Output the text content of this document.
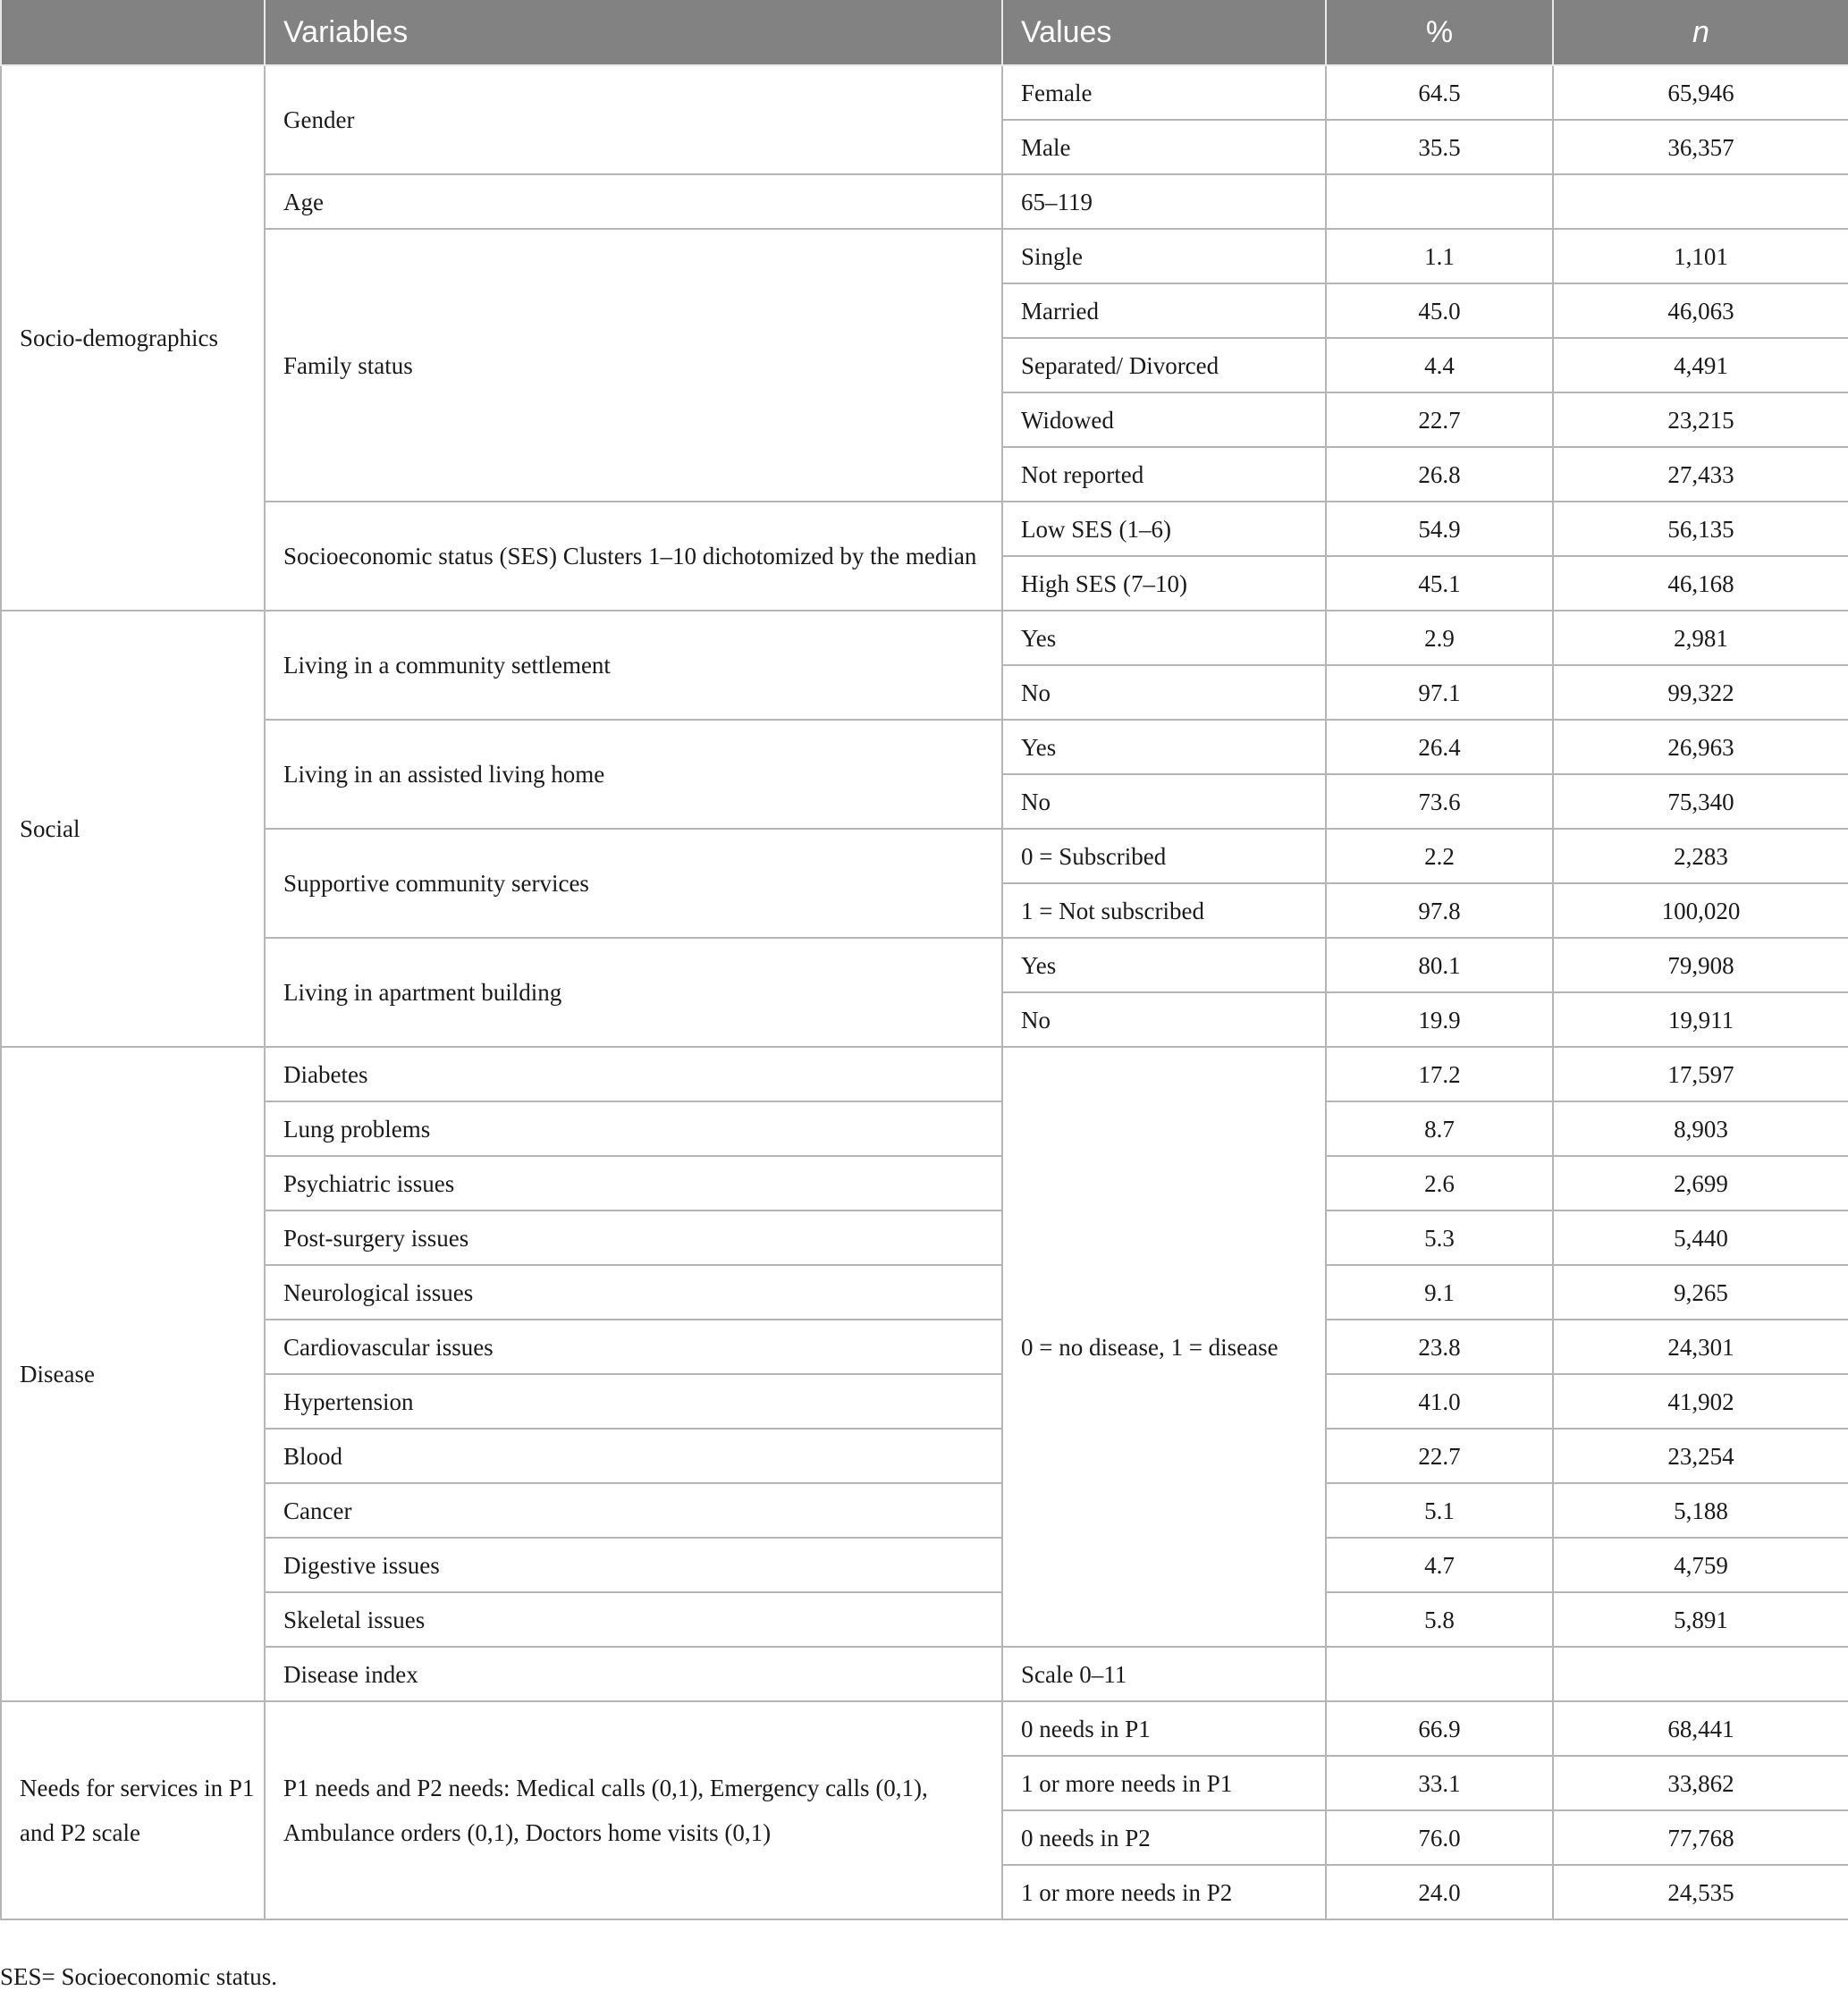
	Variables	Values	%	n
Socio-demographics	Gender	Female	64.5	65,946
		Male	35.5	36,357
	Age	65–119		
	Family status	Single	1.1	1,101
		Married	45.0	46,063
		Separated/ Divorced	4.4	4,491
		Widowed	22.7	23,215
		Not reported	26.8	27,433
	Socioeconomic status (SES) Clusters 1–10 dichotomized by the median	Low SES (1–6)	54.9	56,135
		High SES (7–10)	45.1	46,168
Social	Living in a community settlement	Yes	2.9	2,981
		No	97.1	99,322
	Living in an assisted living home	Yes	26.4	26,963
		No	73.6	75,340
	Supportive community services	0 = Subscribed	2.2	2,283
		1 = Not subscribed	97.8	100,020
	Living in apartment building	Yes	80.1	79,908
		No	19.9	19,911
Disease	Diabetes	0 = no disease, 1 = disease	17.2	17,597
	Lung problems		8.7	8,903
	Psychiatric issues		2.6	2,699
	Post-surgery issues		5.3	5,440
	Neurological issues		9.1	9,265
	Cardiovascular issues		23.8	24,301
	Hypertension		41.0	41,902
	Blood		22.7	23,254
	Cancer		5.1	5,188
	Digestive issues		4.7	4,759
	Skeletal issues		5.8	5,891
	Disease index	Scale 0–11		
Needs for services in P1 and P2 scale	P1 needs and P2 needs: Medical calls (0,1), Emergency calls (0,1), Ambulance orders (0,1), Doctors home visits (0,1)	0 needs in P1	66.9	68,441
		1 or more needs in P1	33.1	33,862
		0 needs in P2	76.0	77,768
		1 or more needs in P2	24.0	24,535
SES= Socioeconomic status.
